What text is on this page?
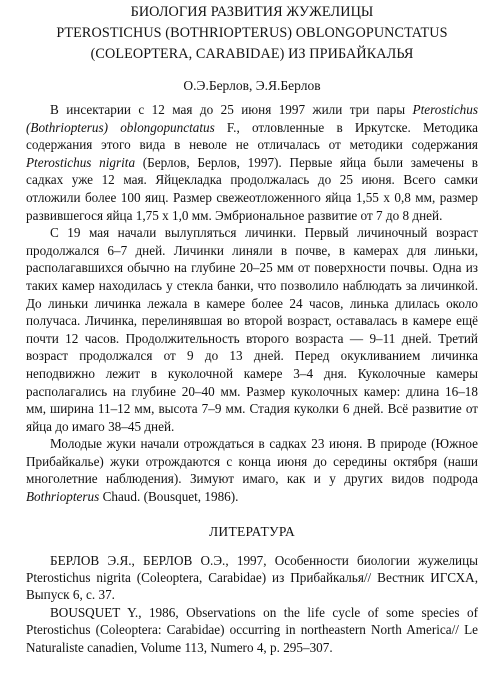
БИОЛОГИЯ РАЗВИТИЯ ЖУЖЕЛИЦЫ
PTEROSTICHUS (BOTHRIOPTERUS) OBLONGOPUNCTATUS
(COLEOPTERA, CARABIDAE) ИЗ ПРИБАЙКАЛЬЯ
О.Э.Берлов, Э.Я.Берлов

В инсектарии с 12 мая до 25 июня 1997 жили три пары Pterostichus (Bothriopterus) oblongopunctatus F., отловленные в Иркутске. Методика содержания этого вида в неволе не отличалась от методики содержания Pterostichus nigrita (Берлов, Берлов, 1997). Первые яйца были замечены в садках уже 12 мая. Яйцекладка продолжалась до 25 июня. Всего самки отложили более 100 яиц. Размер свежеотложенного яйца 1,55 х 0,8 мм, размер развившегося яйца 1,75 х 1,0 мм. Эмбриональное развитие от 7 до 8 дней.

С 19 мая начали вылупляться личинки. Первый личиночный возраст продолжался 6–7 дней. Личинки линяли в почве, в камерах для линьки, располагавшихся обычно на глубине 20–25 мм от поверхности почвы. Одна из таких камер находилась у стекла банки, что позволило наблюдать за личинкой. До линьки личинка лежала в камере более 24 часов, линька длилась около получаса. Личинка, перелинявшая во второй возраст, оставалась в камере ещё почти 12 часов. Продолжительность второго возраста — 9–11 дней. Третий возраст продолжался от 9 до 13 дней. Перед окукливанием личинка неподвижно лежит в куколочной камере 3–4 дня. Куколочные камеры располагались на глубине 20–40 мм. Размер куколочных камер: длина 16–18 мм, ширина 11–12 мм, высота 7–9 мм. Стадия куколки 6 дней. Всё развитие от яйца до имаго 38–45 дней.

Молодые жуки начали отрождаться в садках 23 июня. В природе (Южное Прибайкалье) жуки отрождаются с конца июня до середины октября (наши многолетние наблюдения). Зимуют имаго, как и у других видов подрода Bothriopterus Chaud. (Bousquet, 1986).

ЛИТЕРАТУРА

БЕРЛОВ Э.Я., БЕРЛОВ О.Э., 1997, Особенности биологии жужелицы Pterostichus nigrita (Coleoptera, Carabidae) из Прибайкалья// Вестник ИГСХА, Выпуск 6, с. 37.

BOUSQUET Y., 1986, Observations on the life cycle of some species of Pterostichus (Coleoptera: Carabidae) occurring in northeastern North America// Le Naturaliste canadien, Volume 113, Numero 4, p. 295–307.
